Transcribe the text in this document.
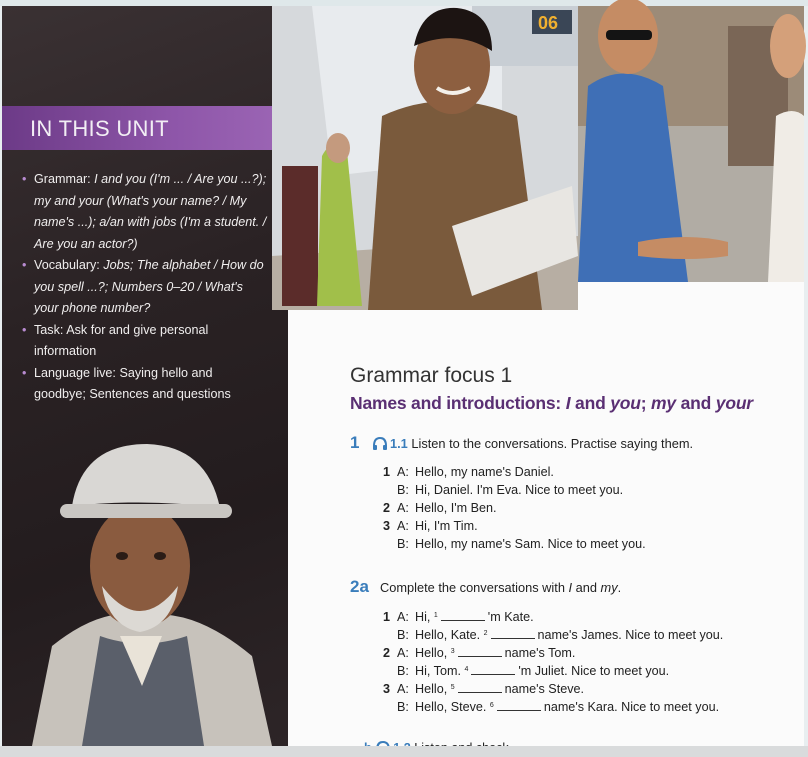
IN THIS UNIT
• Grammar: I and you (I'm ... / Are you ...?); my and your (What's your name? / My name's ...); a/an with jobs (I'm a student. / Are you an actor?)
• Vocabulary: Jobs; The alphabet / How do you spell ...?; Numbers 0–20 / What's your phone number?
• Task: Ask for and give personal information
• Language live: Saying hello and goodbye; Sentences and questions
06
Grammar focus 1
Names and introductions: I and you; my and your
1	1.1 Listen to the conversations. Practise saying them.
1 A: Hello, my name's Daniel.
B: Hi, Daniel. I'm Eva. Nice to meet you.
2 A: Hello, I'm Ben.
3 A: Hi, I'm Tim.
B: Hello, my name's Sam. Nice to meet you.
2a Complete the conversations with I and my.
1 A: Hi, $^1$	'm Kate.
B: Hello, Kate. $^2$	name's James. Nice to meet you.
2 A: Hello, $^3$	name's Tom.
B: Hi, Tom. $^4$	'm Juliet. Nice to meet you.
3 A: Hello, $^5$	name's Steve.
B: Hello, Steve. $^6$	name's Kara. Nice to meet you.
